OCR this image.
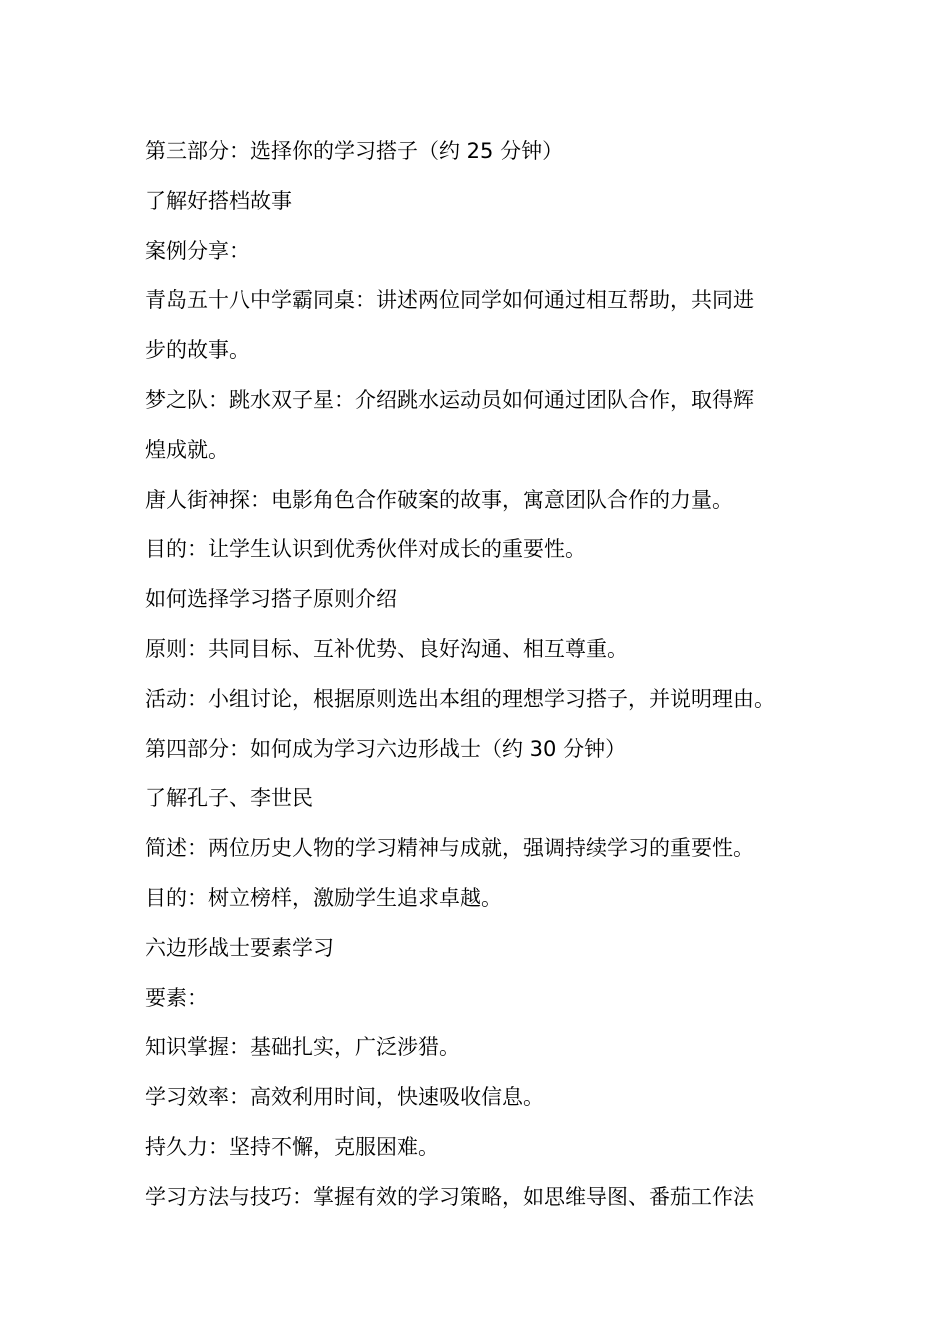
第三部分：选择你的学习搭子（约 25 分钟）
了解好搭档故事
案例分享：
青岛五十八中学霸同桌：讲述两位同学如何通过相互帮助，共同进
步的故事。
梦之队：跳水双子星：介绍跳水运动员如何通过团队合作，取得辉
煌成就。
唐人街神探：电影角色合作破案的故事，寓意团队合作的力量。
目的：让学生认识到优秀伙伴对成长的重要性。
如何选择学习搭子原则介绍
原则：共同目标、互补优势、良好沟通、相互尊重。
活动：小组讨论，根据原则选出本组的理想学习搭子，并说明理由。
第四部分：如何成为学习六边形战士（约 30 分钟）
了解孔子、李世民
简述：两位历史人物的学习精神与成就，强调持续学习的重要性。
目的：树立榜样，激励学生追求卓越。
六边形战士要素学习
要素：
知识掌握：基础扎实，广泛涉猎。
学习效率：高效利用时间，快速吸收信息。
持久力：坚持不懈，克服困难。
学习方法与技巧：掌握有效的学习策略，如思维导图、番茄工作法
